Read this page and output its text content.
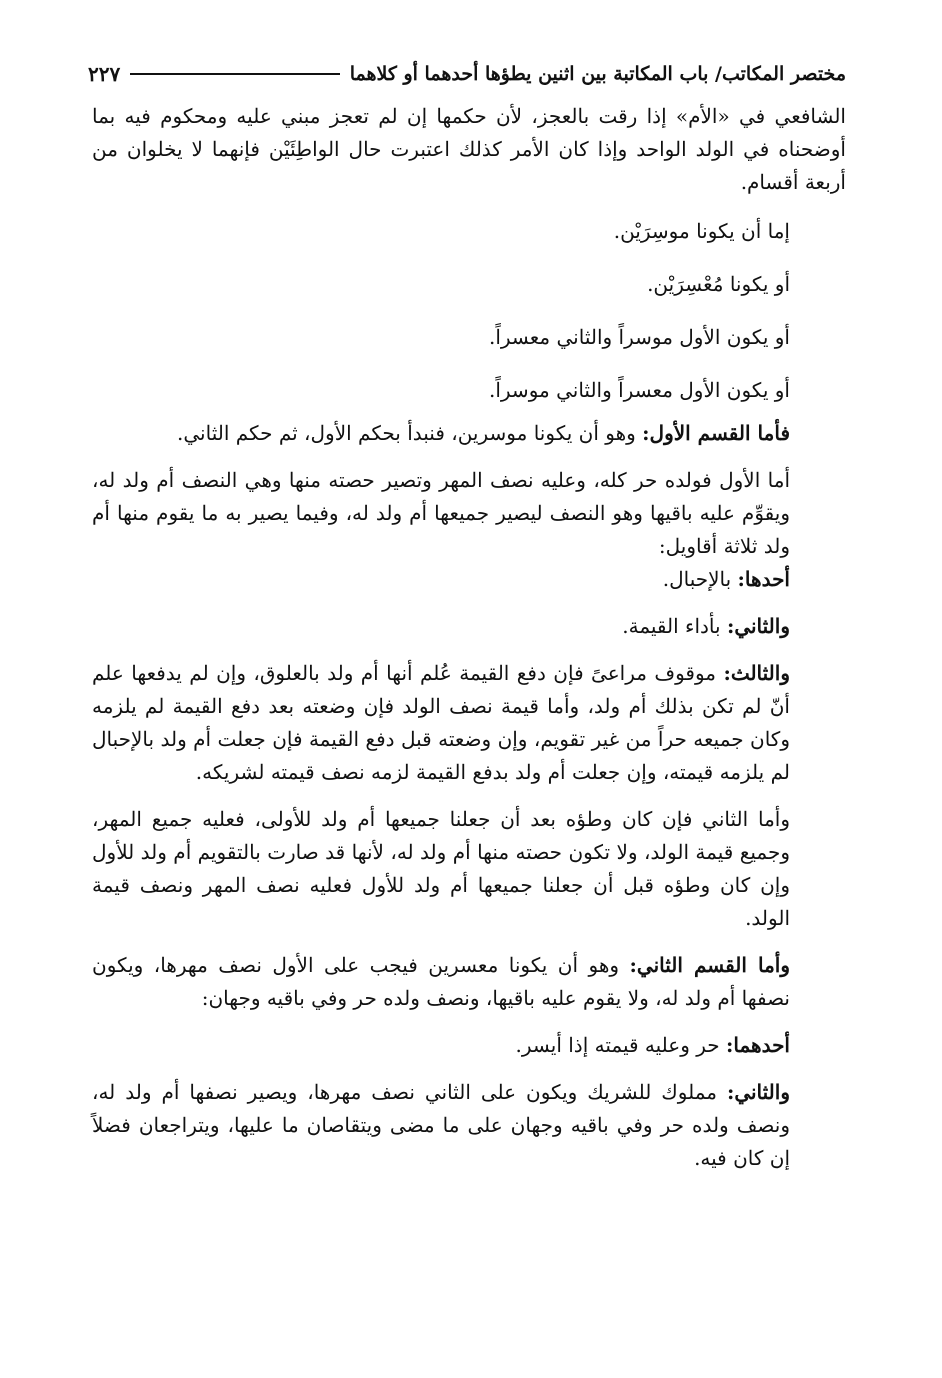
مختصر المكاتب/ باب المكاتبة بين اثنين يطؤها أحدهما أو كلاهما
٢٢٧

الشافعي في «الأم» إذا رقت بالعجز، لأن حكمها إن لم تعجز مبني عليه ومحكوم فيه بما أوضحناه في الولد الواحد وإذا كان الأمر كذلك اعتبرت حال الواطِئَيْن فإنهما لا يخلوان من أربعة أقسام.

إما أن يكونا موسِرَيْن.

أو يكونا مُعْسِرَيْن.

أو يكون الأول موسراً والثاني معسراً.

أو يكون الأول معسراً والثاني موسراً.

فأما القسم الأول: وهو أن يكونا موسرين، فنبدأ بحكم الأول، ثم حكم الثاني.

أما الأول فولده حر كله، وعليه نصف المهر وتصير حصته منها وهي النصف أم ولد له، ويقوِّم عليه باقيها وهو النصف ليصير جميعها أم ولد له، وفيما يصير به ما يقوم منها أم ولد ثلاثة أقاويل:

أحدها: بالإحبال.

والثاني: بأداء القيمة.

والثالث: موقوف مراعىً فإن دفع القيمة عُلم أنها أم ولد بالعلوق، وإن لم يدفعها علم أنّ لم تكن بذلك أم ولد، وأما قيمة نصف الولد فإن وضعته بعد دفع القيمة لم يلزمه وكان جميعه حراً من غير تقويم، وإن وضعته قبل دفع القيمة فإن جعلت أم ولد بالإحبال لم يلزمه قيمته، وإن جعلت أم ولد بدفع القيمة لزمه نصف قيمته لشريكه.

وأما الثاني فإن كان وطؤه بعد أن جعلنا جميعها أم ولد للأولى، فعليه جميع المهر، وجميع قيمة الولد، ولا تكون حصته منها أم ولد له، لأنها قد صارت بالتقويم أم ولد للأول وإن كان وطؤه قبل أن جعلنا جميعها أم ولد للأول فعليه نصف المهر ونصف قيمة الولد.

وأما القسم الثاني: وهو أن يكونا معسرين فيجب على الأول نصف مهرها، ويكون نصفها أم ولد له، ولا يقوم عليه باقيها، ونصف ولده حر وفي باقيه وجهان:

أحدهما: حر وعليه قيمته إذا أيسر.

والثاني: مملوك للشريك ويكون على الثاني نصف مهرها، ويصير نصفها أم ولد له، ونصف ولده حر وفي باقيه وجهان على ما مضى ويتقاصان ما عليها، ويتراجعان فضلاً إن كان فيه.
